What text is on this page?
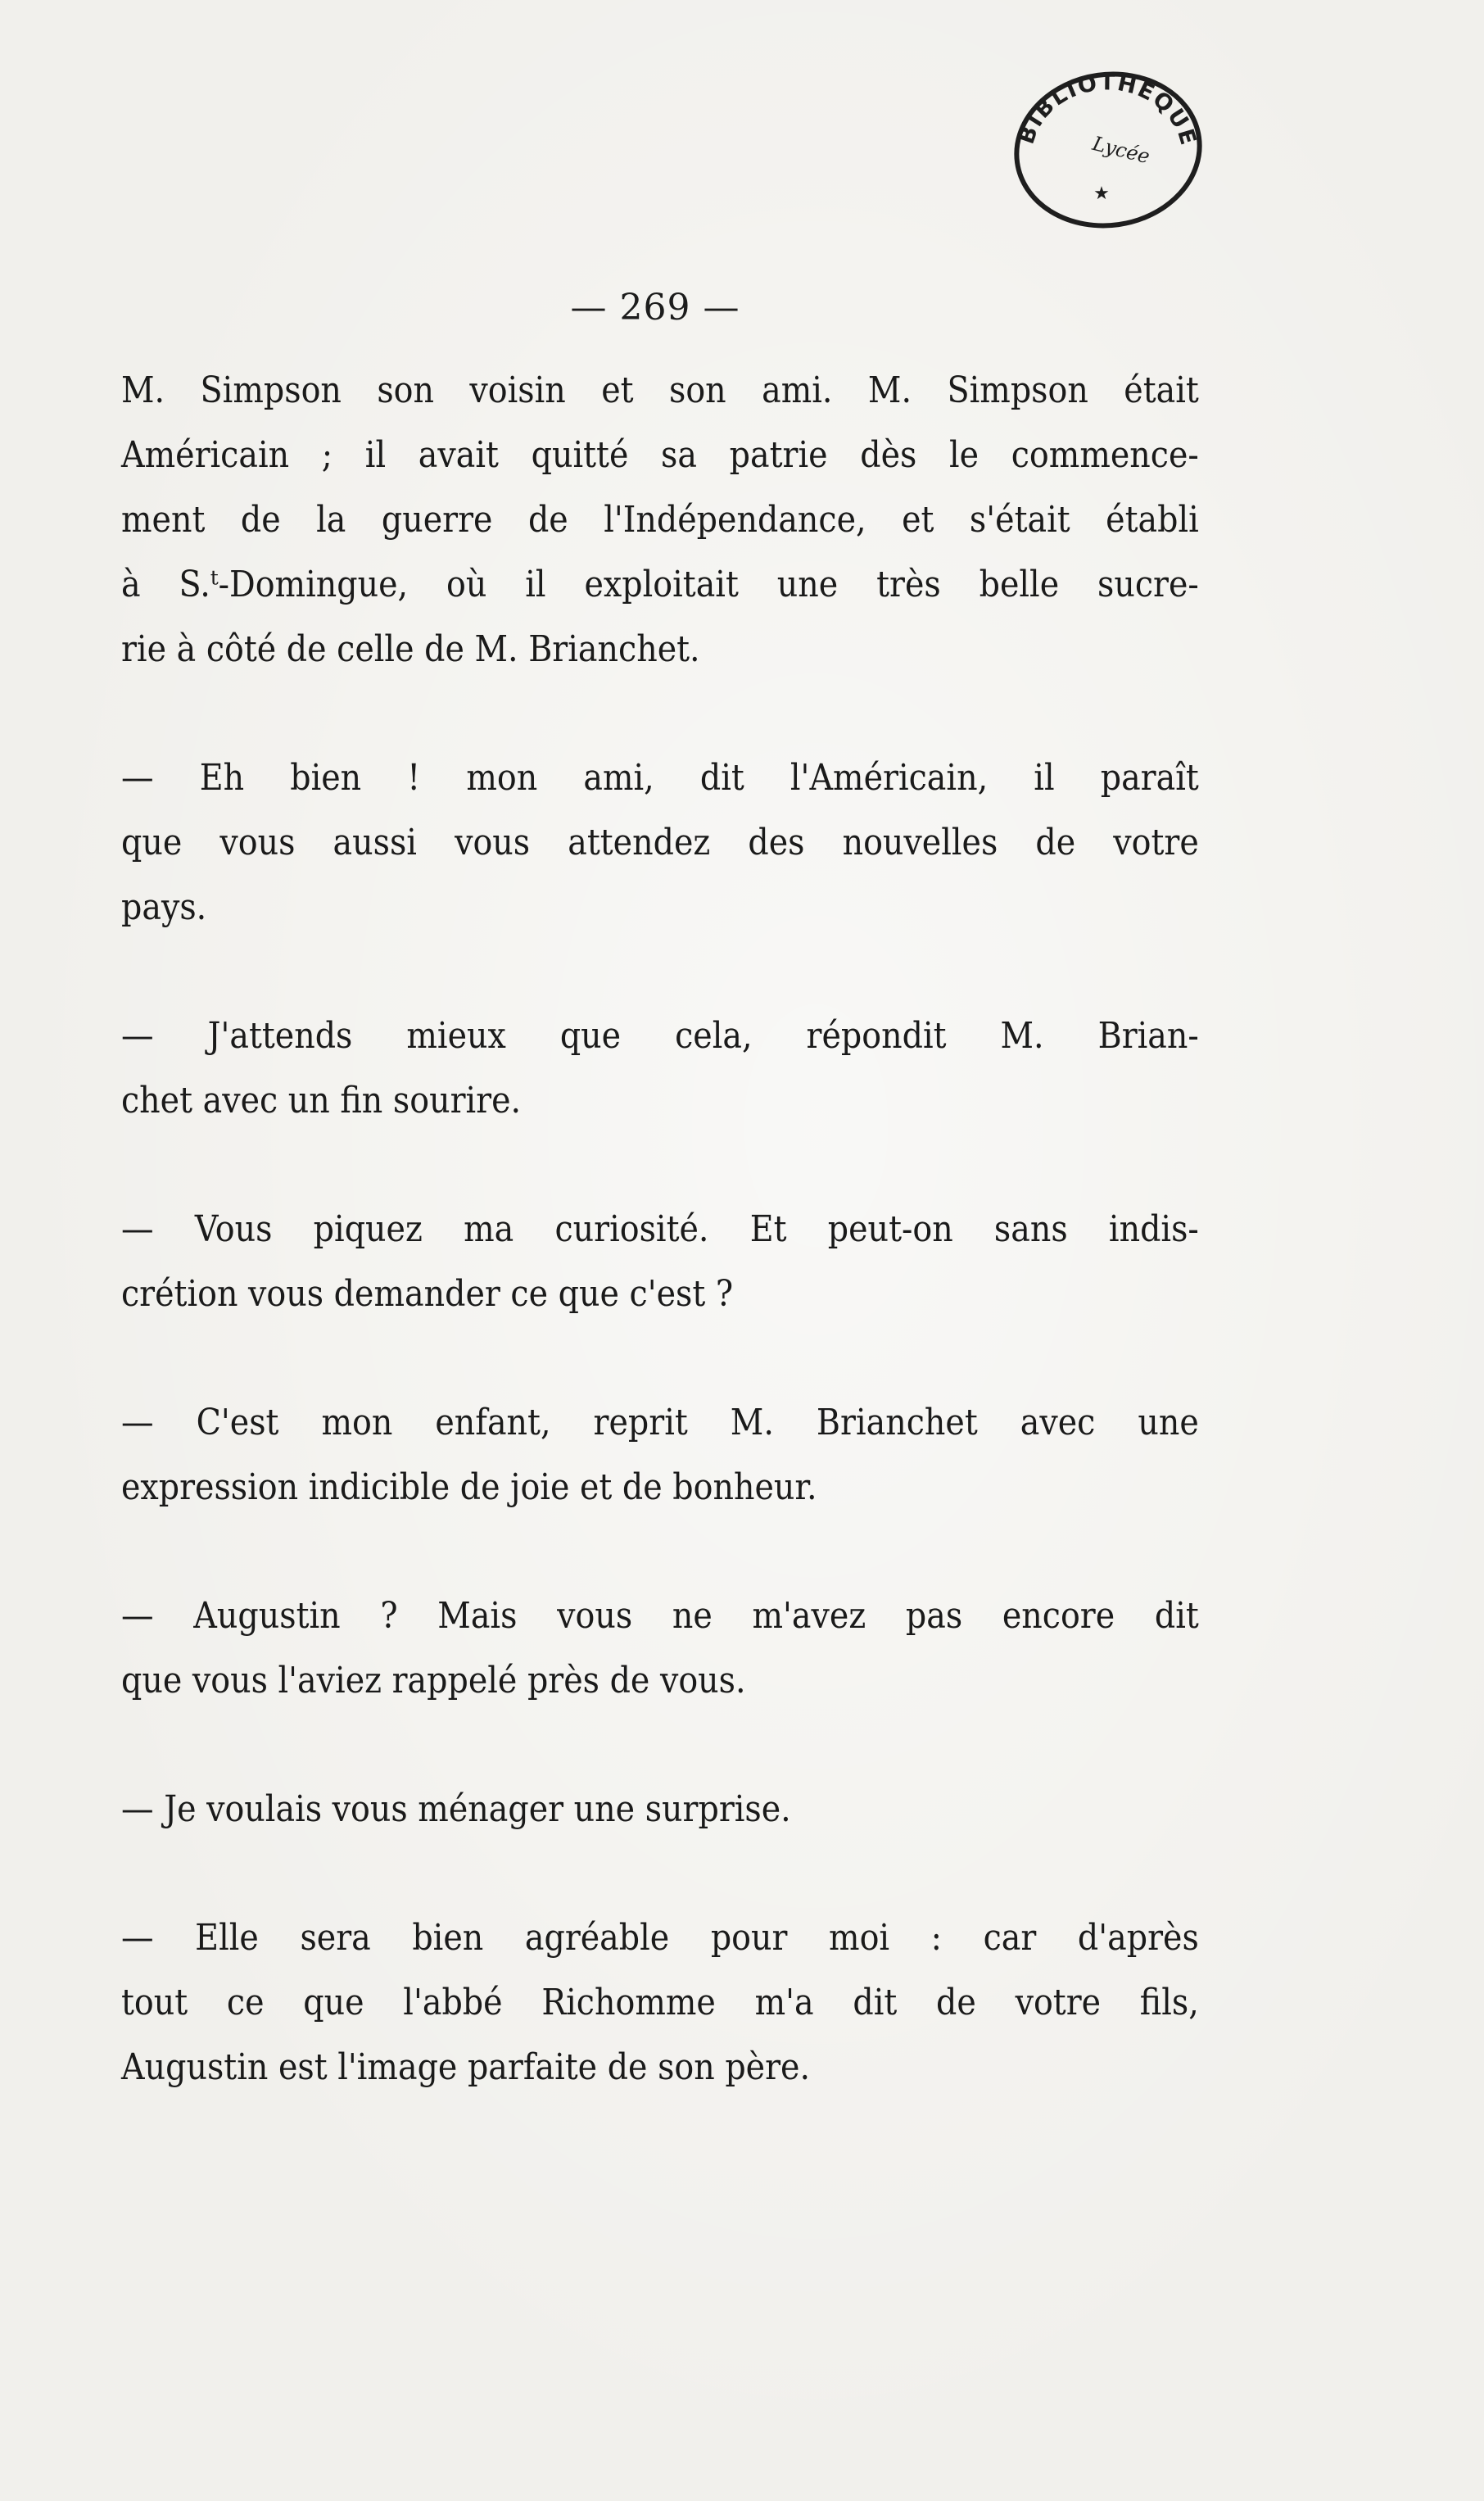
BIBLIOTHÈQUE
Lycée
★
— 269 —
M. Simpson son voisin et son ami. M. Simpson était
Américain ; il avait quitté sa patrie dès le commence-
ment de la guerre de l'Indépendance, et s'était établi
à S.ᵗ-Domingue, où il exploitait une très belle sucre-
rie à côté de celle de M. Brianchet.
— Eh bien ! mon ami, dit l'Américain, il paraît
que vous aussi vous attendez des nouvelles de votre
pays.
— J'attends mieux que cela, répondit M. Brian-
chet avec un fin sourire.
— Vous piquez ma curiosité. Et peut-on sans indis-
crétion vous demander ce que c'est ?
— C'est mon enfant, reprit M. Brianchet avec une
expression indicible de joie et de bonheur.
— Augustin ? Mais vous ne m'avez pas encore dit
que vous l'aviez rappelé près de vous.
— Je voulais vous ménager une surprise.
— Elle sera bien agréable pour moi : car d'après
tout ce que l'abbé Richomme m'a dit de votre fils,
Augustin est l'image parfaite de son père.
